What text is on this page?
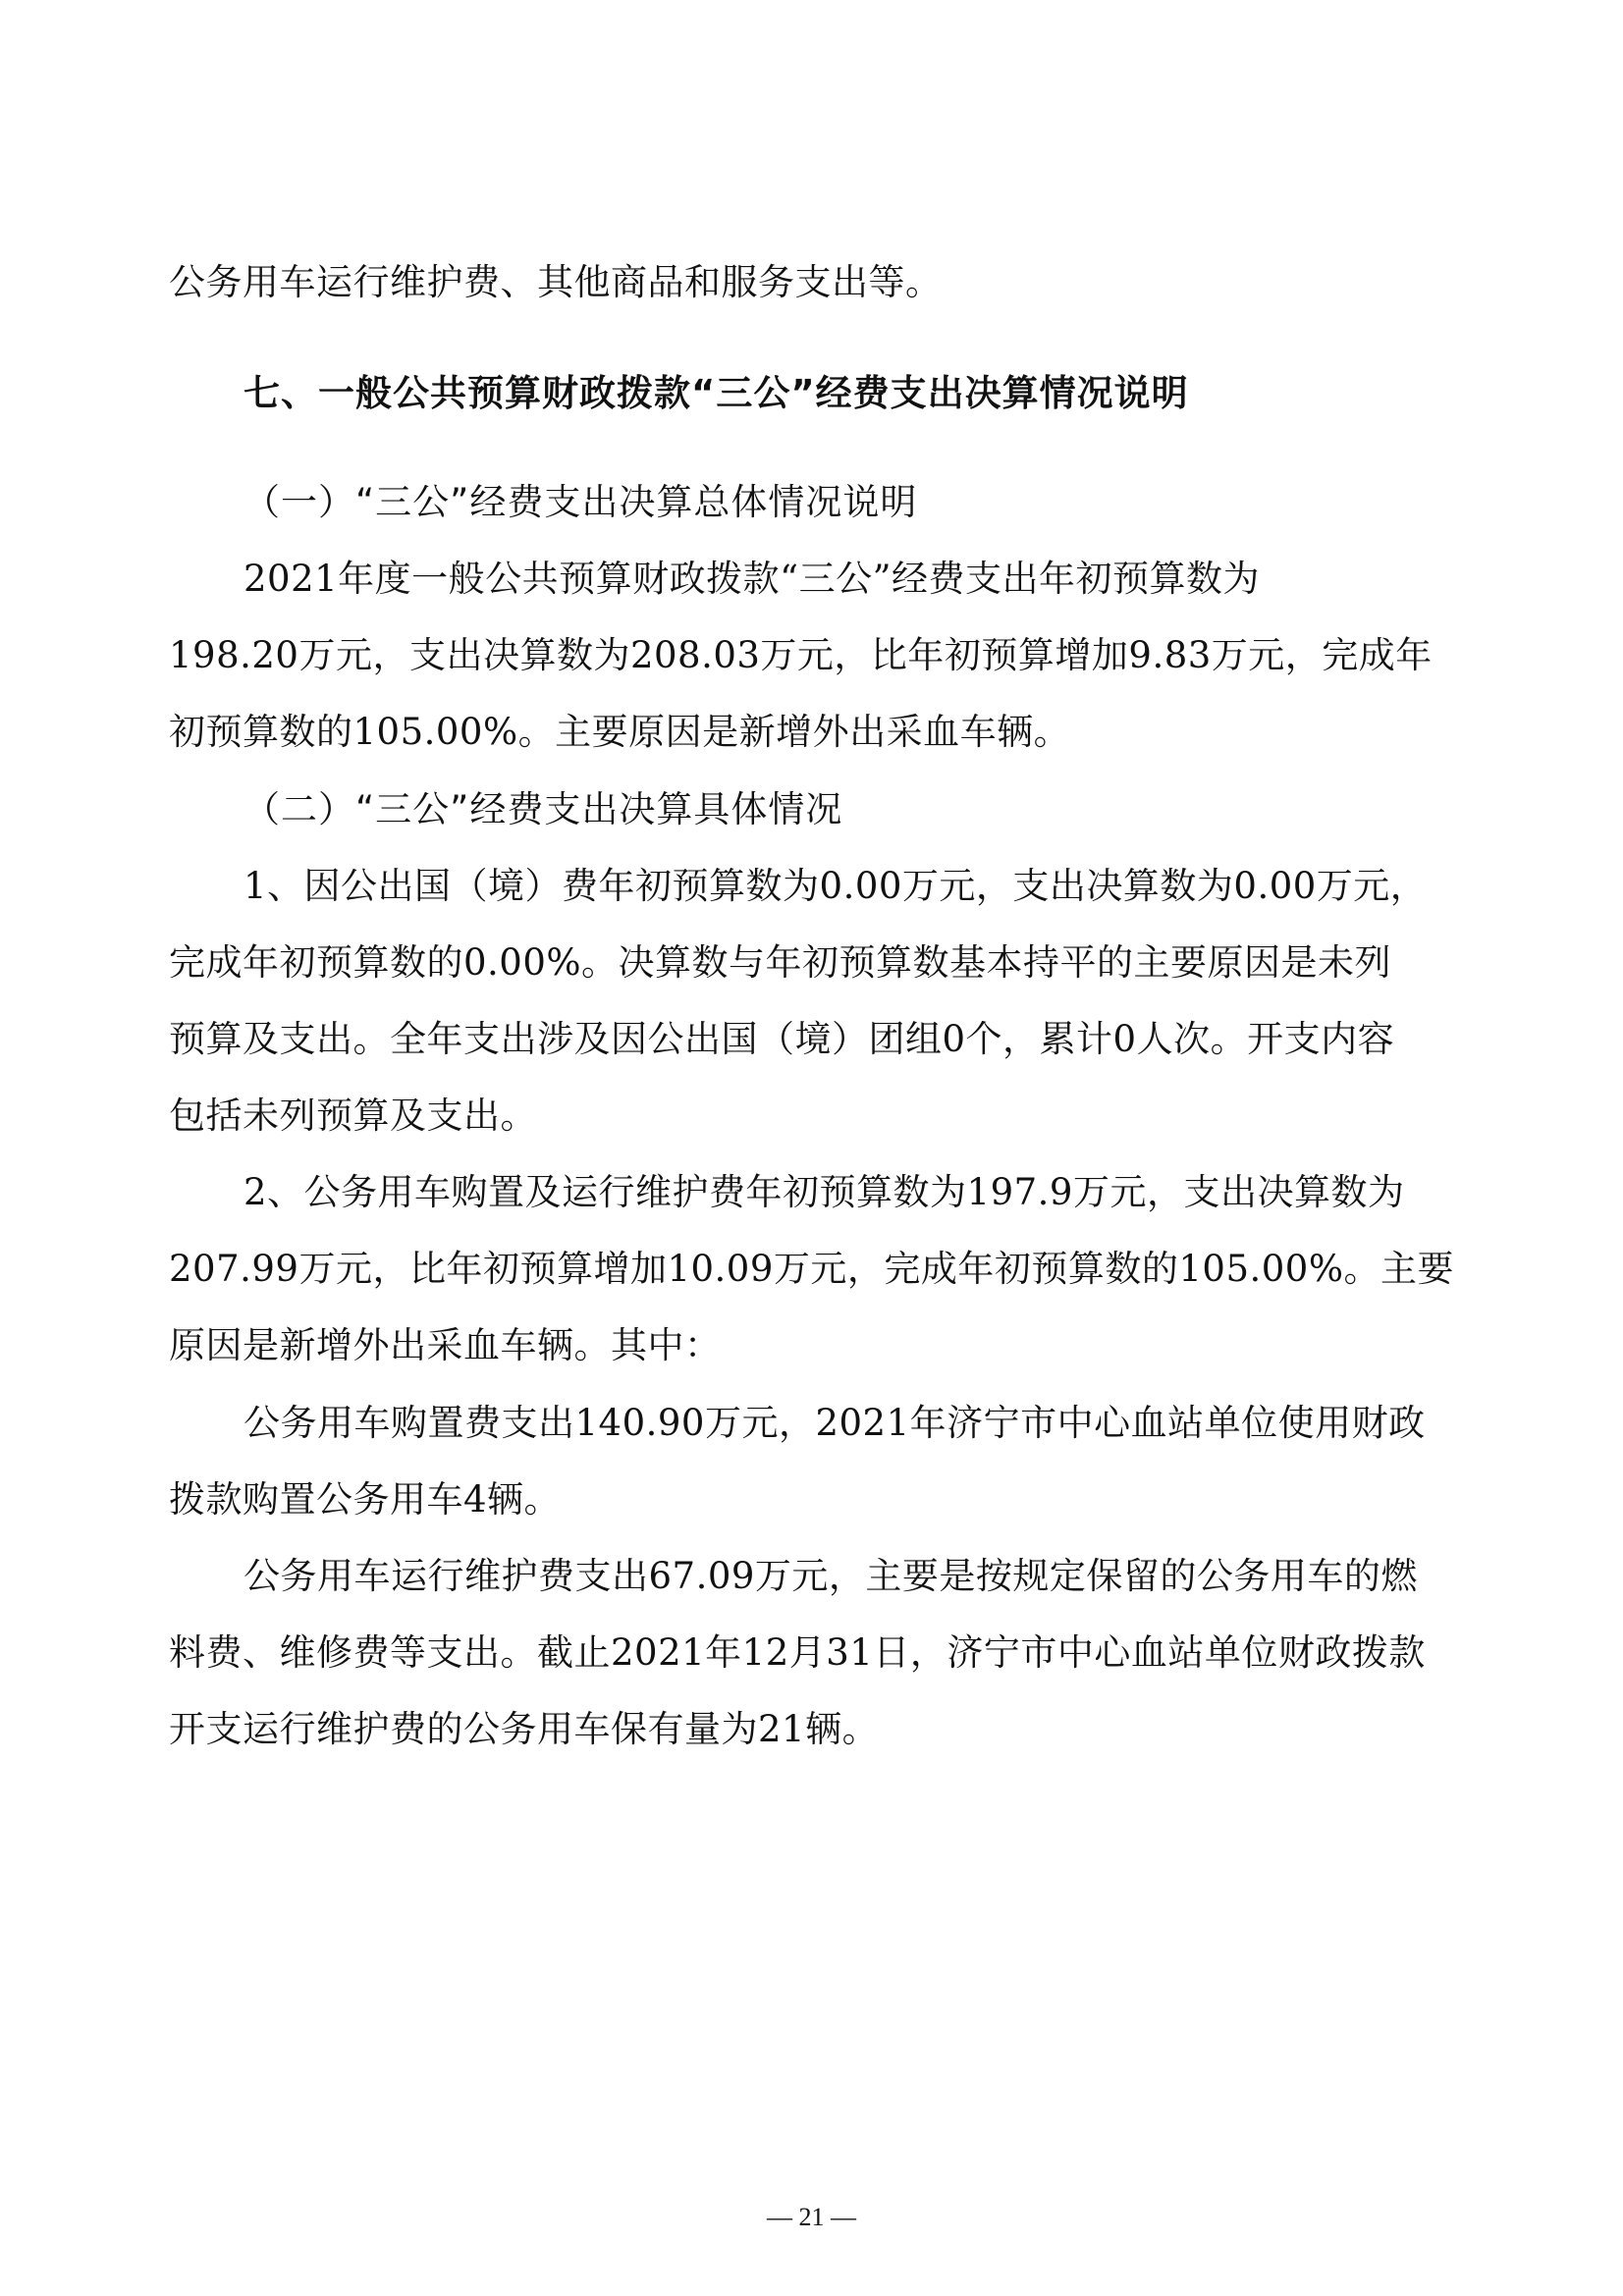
公务用车运行维护费、其他商品和服务支出等。
七、一般公共预算财政拨款“三公”经费支出决算情况说明
（一）“三公”经费支出决算总体情况说明
2021年度一般公共预算财政拨款“三公”经费支出年初预算数为
198.20万元，支出决算数为208.03万元，比年初预算增加9.83万元，完成年
初预算数的105.00%。主要原因是新增外出采血车辆。
（二）“三公”经费支出决算具体情况
1、因公出国（境）费年初预算数为0.00万元，支出决算数为0.00万元，
完成年初预算数的0.00%。决算数与年初预算数基本持平的主要原因是未列
预算及支出。全年支出涉及因公出国（境）团组0个，累计0人次。开支内容
包括未列预算及支出。
2、公务用车购置及运行维护费年初预算数为197.9万元，支出决算数为
207.99万元，比年初预算增加10.09万元，完成年初预算数的105.00%。主要
原因是新增外出采血车辆。其中：
公务用车购置费支出140.90万元，2021年济宁市中心血站单位使用财政
拨款购置公务用车4辆。
公务用车运行维护费支出67.09万元，主要是按规定保留的公务用车的燃
料费、维修费等支出。截止2021年12月31日，济宁市中心血站单位财政拨款
开支运行维护费的公务用车保有量为21辆。
— 21 —
